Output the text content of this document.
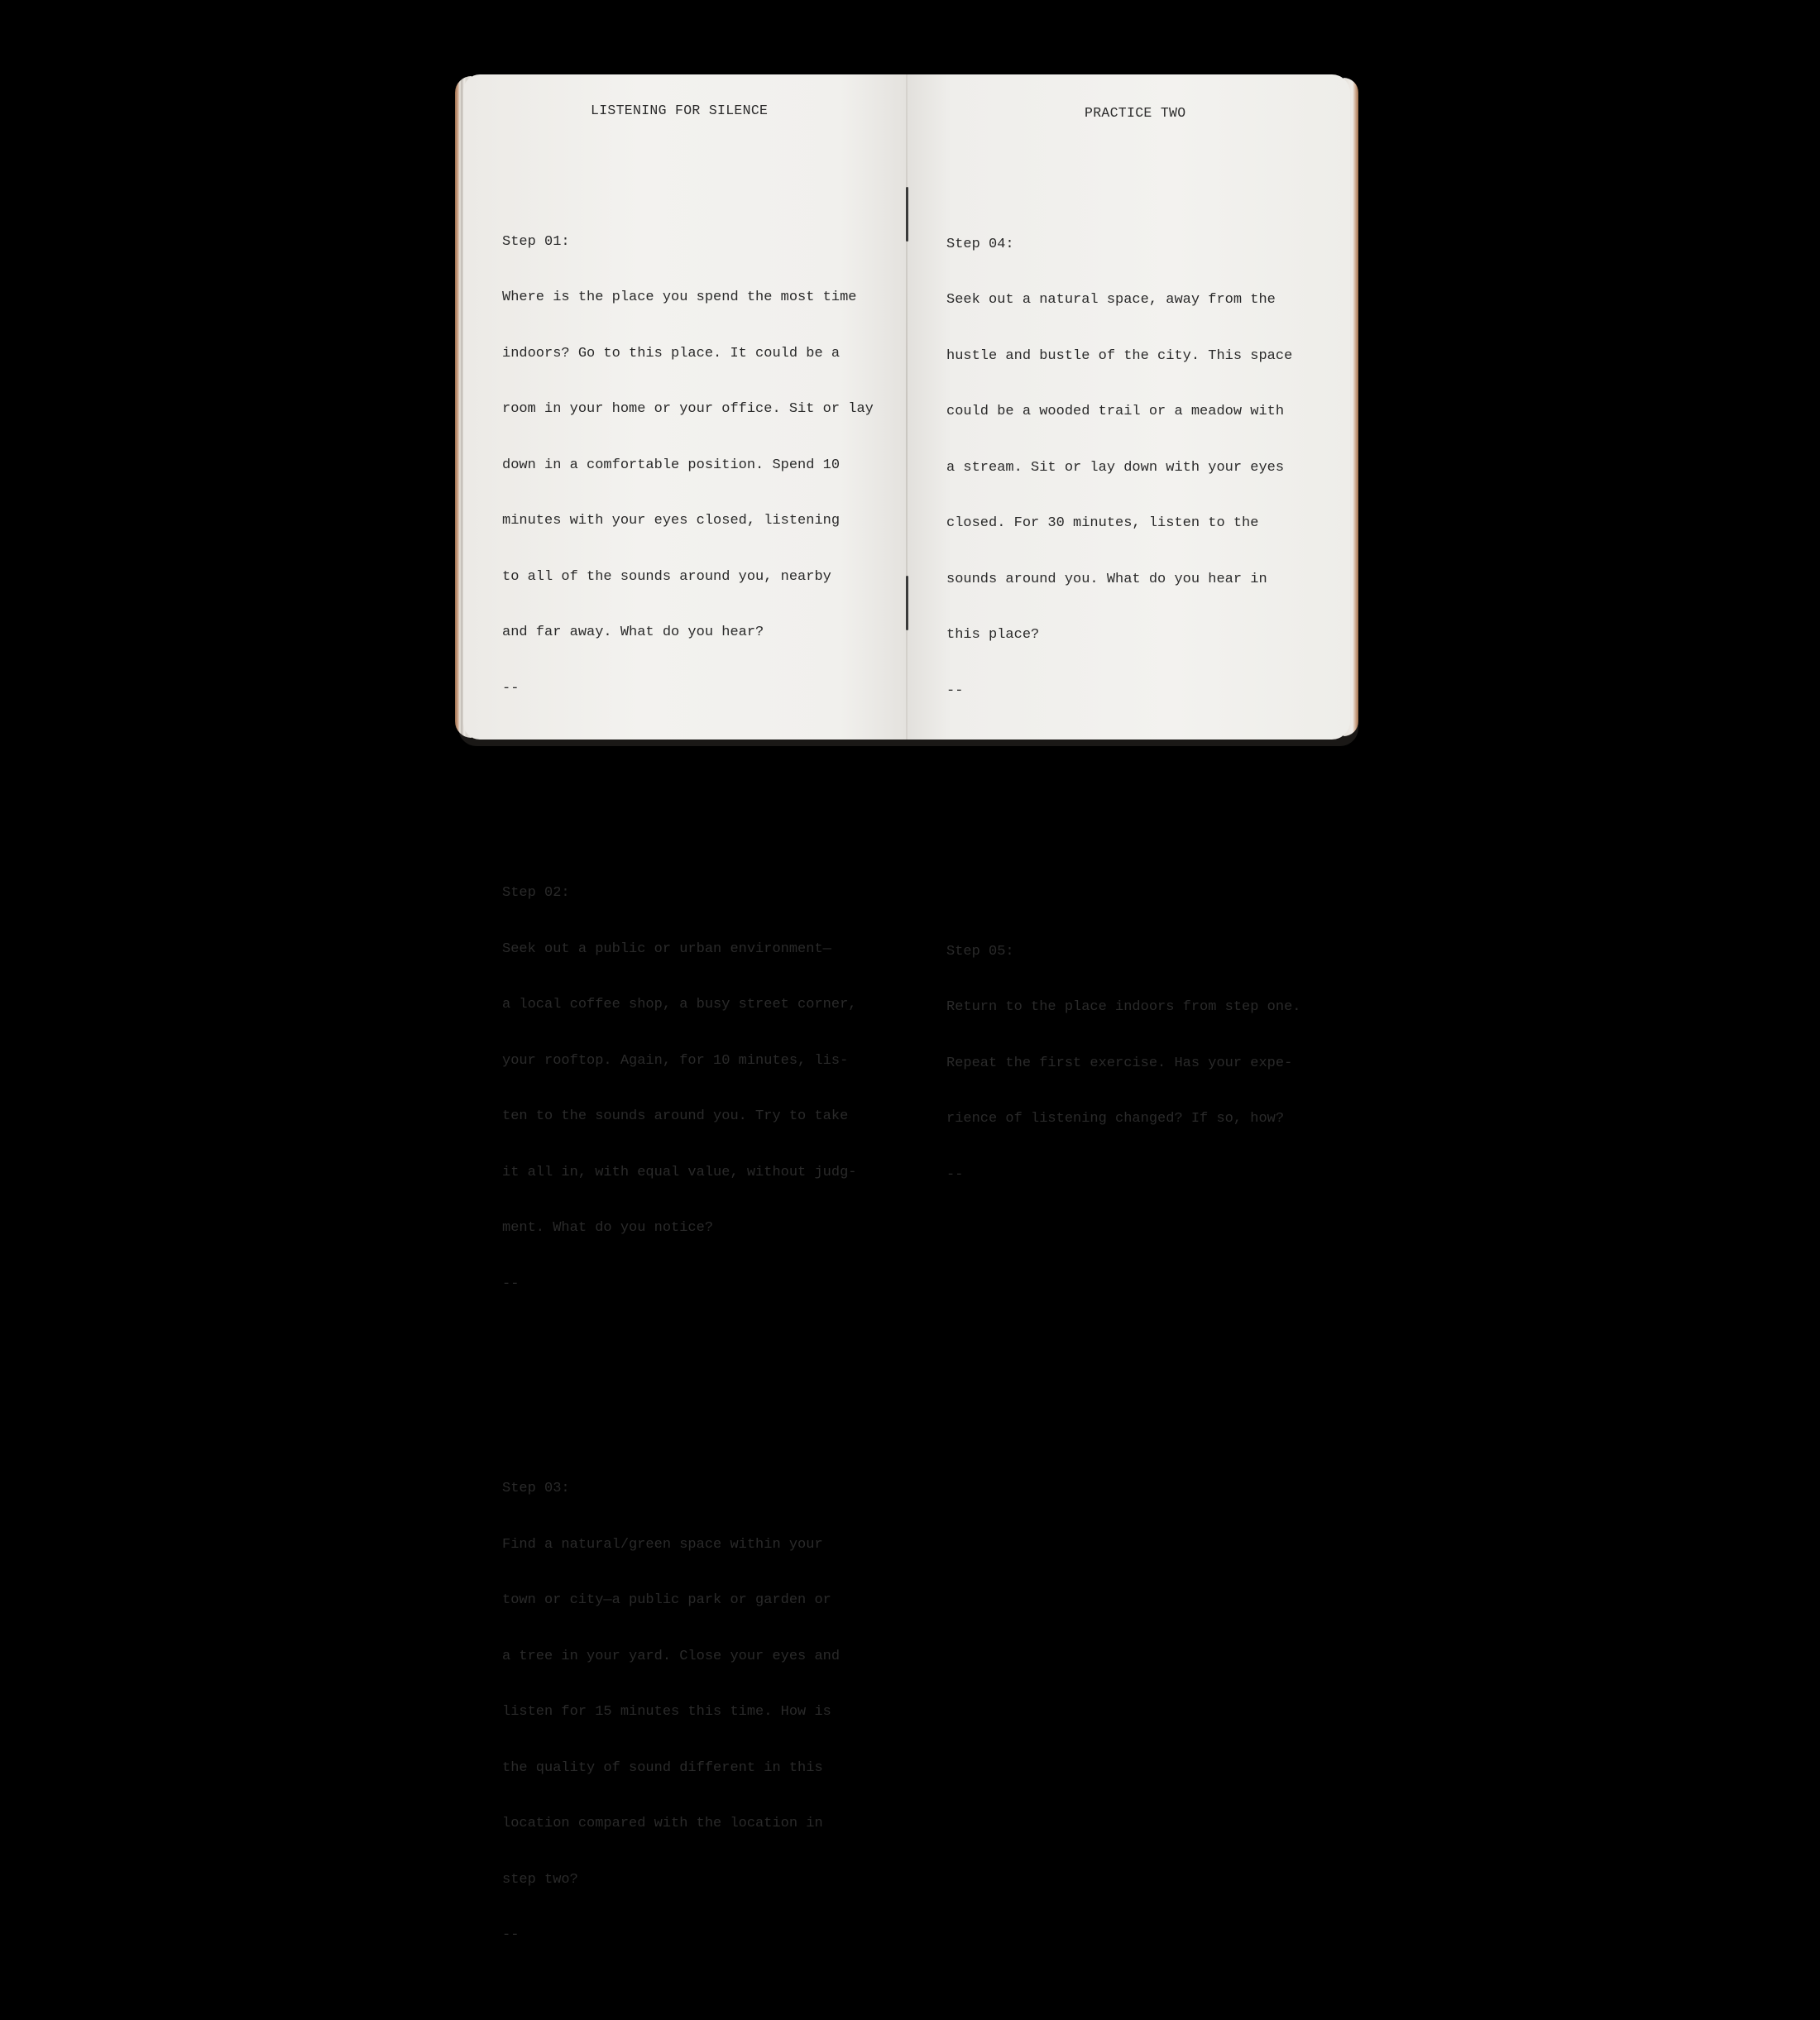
LISTENING FOR SILENCE

Step 01:

Where is the place you spend the most time

indoors? Go to this place. It could be a

room in your home or your office. Sit or lay

down in a comfortable position. Spend 10

minutes with your eyes closed, listening

to all of the sounds around you, nearby

and far away. What do you hear?

--

Step 02:

Seek out a public or urban environment—

a local coffee shop, a busy street corner,

your rooftop. Again, for 10 minutes, lis-

ten to the sounds around you. Try to take

it all in, with equal value, without judg-

ment. What do you notice?

--

Step 03:

Find a natural/green space within your

town or city—a public park or garden or

a tree in your yard. Close your eyes and

listen for 15 minutes this time. How is

the quality of sound different in this

location compared with the location in

step two?

--

PRACTICE TWO

Step 04:

Seek out a natural space, away from the

hustle and bustle of the city. This space

could be a wooded trail or a meadow with

a stream. Sit or lay down with your eyes

closed. For 30 minutes, listen to the

sounds around you. What do you hear in

this place?

--

Step 05:

Return to the place indoors from step one.

Repeat the first exercise. Has your expe-

rience of listening changed? If so, how?

--
